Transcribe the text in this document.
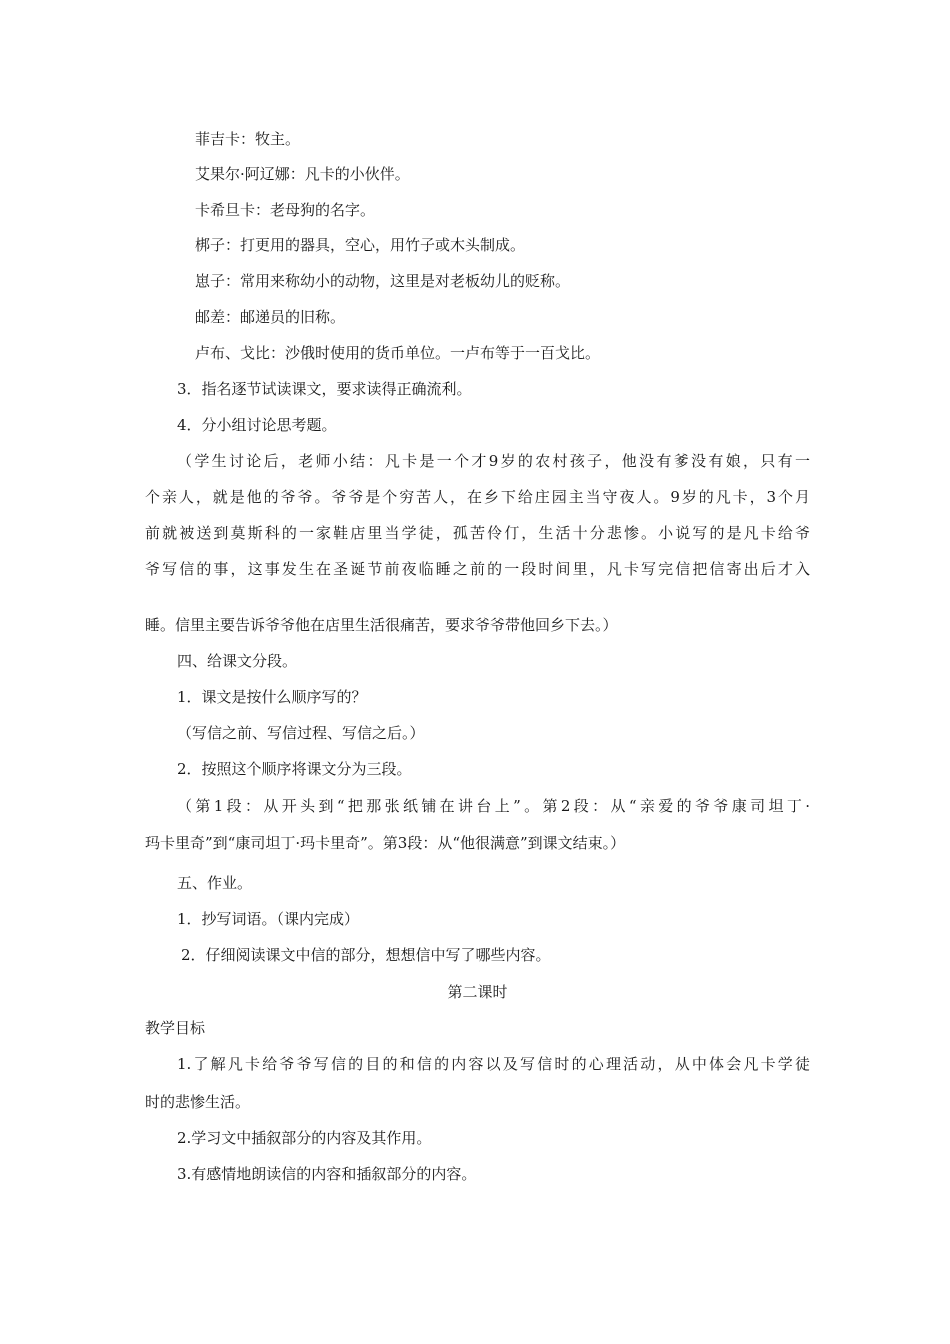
菲吉卡：牧主。
艾果尔·阿辽娜：凡卡的小伙伴。
卡希旦卡：老母狗的名字。
梆子：打更用的器具，空心，用竹子或木头制成。
崽子：常用来称幼小的动物，这里是对老板幼儿的贬称。
邮差：邮递员的旧称。
卢布、戈比：沙俄时使用的货币单位。一卢布等于一百戈比。
3．指名逐节试读课文，要求读得正确流利。
4．分小组讨论思考题。
（学生讨论后，老师小结：凡卡是一个才9岁的农村孩子，他没有爹没有娘，只有一
个亲人，就是他的爷爷。爷爷是个穷苦人，在乡下给庄园主当守夜人。9岁的凡卡，3个月
前就被送到莫斯科的一家鞋店里当学徒，孤苦伶仃，生活十分悲惨。小说写的是凡卡给爷
爷写信的事，这事发生在圣诞节前夜临睡之前的一段时间里，凡卡写完信把信寄出后才入
睡。信里主要告诉爷爷他在店里生活很痛苦，要求爷爷带他回乡下去。）
四、给课文分段。
1．课文是按什么顺序写的？
（写信之前、写信过程、写信之后。）
2．按照这个顺序将课文分为三段。
（第1段：从开头到“把那张纸铺在讲台上”。第2段：从“亲爱的爷爷康司坦丁·
玛卡里奇”到“康司坦丁·玛卡里奇”。第3段：从“他很满意”到课文结束。）
五、作业。
1．抄写词语。（课内完成）
2．仔细阅读课文中信的部分，想想信中写了哪些内容。
第二课时
教学目标
1.了解凡卡给爷爷写信的目的和信的内容以及写信时的心理活动，从中体会凡卡学徒
时的悲惨生活。
2.学习文中插叙部分的内容及其作用。
3.有感情地朗读信的内容和插叙部分的内容。
